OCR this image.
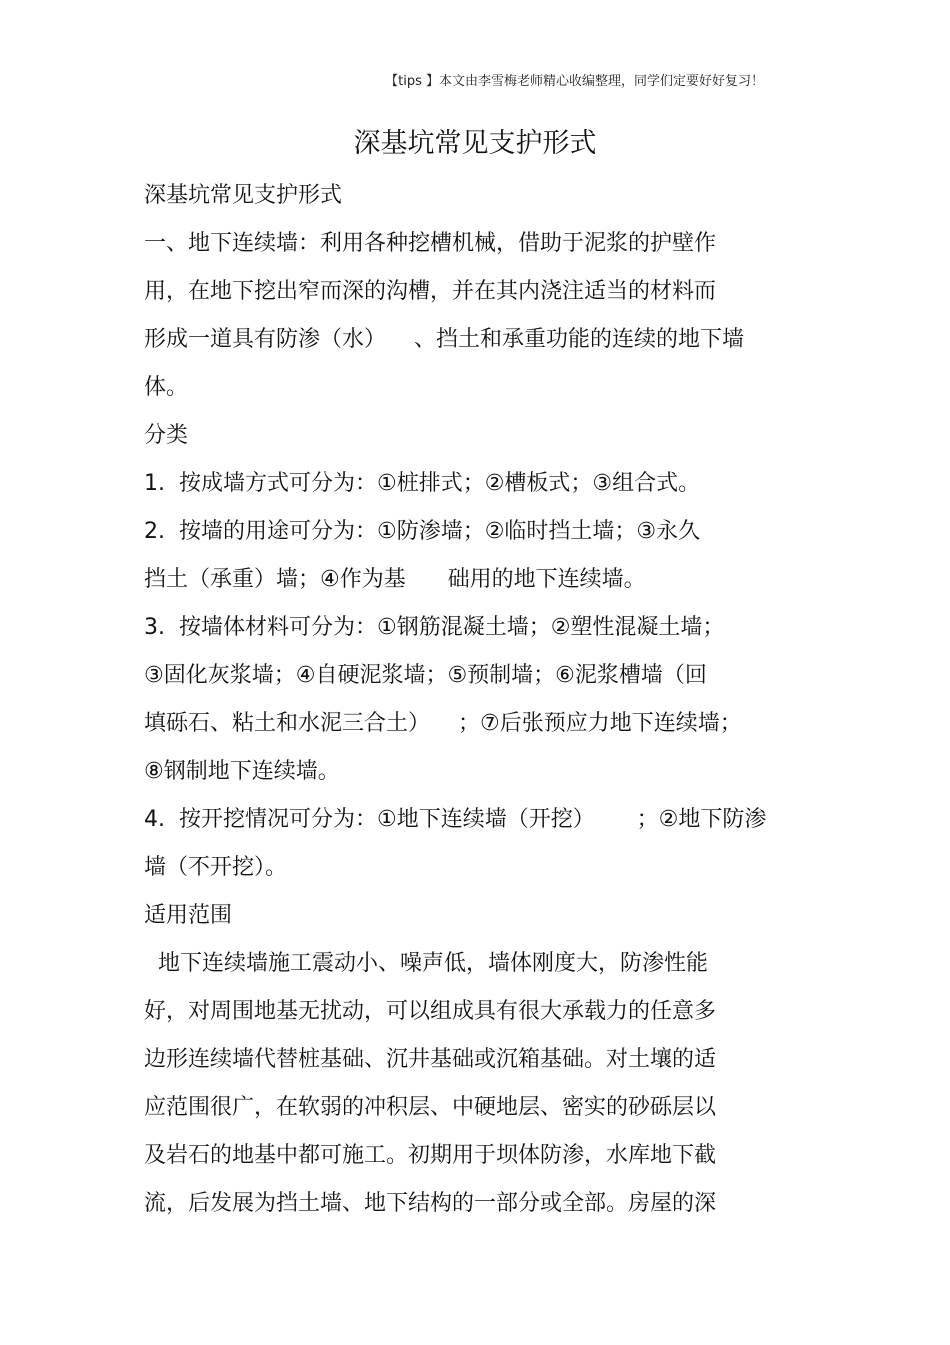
【tips 】本文由李雪梅老师精心收编整理，同学们定要好好复习！
深基坑常见支护形式
深基坑常见支护形式
一、地下连续墙：利用各种挖槽机械，借助于泥浆的护壁作
用，在地下挖出窄而深的沟槽，并在其内浇注适当的材料而
形成一道具有防渗（水）    、挡土和承重功能的连续的地下墙
体。
分类
1.  按成墙方式可分为：①桩排式；②槽板式；③组合式。
2.  按墙的用途可分为：①防渗墙；②临时挡土墙；③永久
挡土（承重）墙；④作为基      础用的地下连续墙。
3.  按墙体材料可分为：①钢筋混凝土墙；②塑性混凝土墙；
③固化灰浆墙；④自硬泥浆墙；⑤预制墙；⑥泥浆槽墙（回
填砾石、粘土和水泥三合土）    ；⑦后张预应力地下连续墙；
⑧钢制地下连续墙。
4.  按开挖情况可分为：①地下连续墙（开挖）      ；②地下防渗
墙（不开挖）。
适用范围
地下连续墙施工震动小、噪声低，墙体刚度大，防渗性能
好，对周围地基无扰动，可以组成具有很大承载力的任意多
边形连续墙代替桩基础、沉井基础或沉箱基础。对土壤的适
应范围很广，在软弱的冲积层、中硬地层、密实的砂砾层以
及岩石的地基中都可施工。初期用于坝体防渗，水库地下截
流，后发展为挡土墙、地下结构的一部分或全部。房屋的深
